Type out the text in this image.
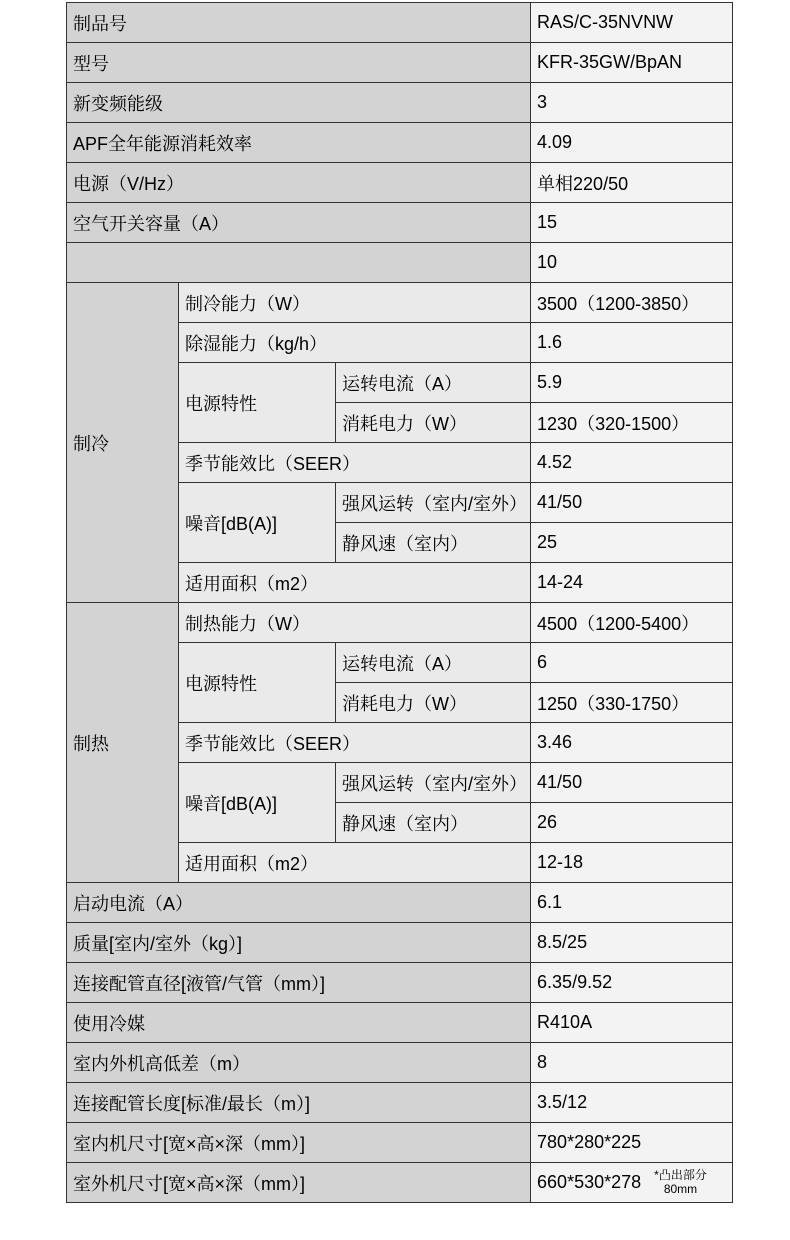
制品号			RAS/C-35NVNW
型号			KFR-35GW/BpAN
新变频能级			3
APF全年能源消耗效率			4.09
电源（V/Hz）			单相220/50
空气开关容量（A）			15
			10
制冷	制冷能力（W）		3500（1200-3850）
	除湿能力（kg/h）		1.6
	电源特性	运转电流（A）	5.9
		消耗电力（W）	1230（320-1500）
	季节能效比（SEER）		4.52
	噪音[dB(A)]	强风运转（室内/室外）	41/50
		静风速（室内）	25
	适用面积（m2）		14-24
制热	制热能力（W）		4500（1200-5400）
	电源特性	运转电流（A）	6
		消耗电力（W）	1250（330-1750）
	季节能效比（SEER）		3.46
	噪音[dB(A)]	强风运转（室内/室外）	41/50
		静风速（室内）	26
	适用面积（m2）		12-18
启动电流（A）			6.1
质量[室内/室外（kg）]			8.5/25
连接配管直径[液管/气管（mm）]			6.35/9.52
使用冷媒			R410A
室内外机高低差（m）			8
连接配管长度[标准/最长（m）]			3.5/12
室内机尺寸[宽×高×深（mm）]			780*280*225
室外机尺寸[宽×高×深（mm）]			660*530*278 *凸出部分
80mm
